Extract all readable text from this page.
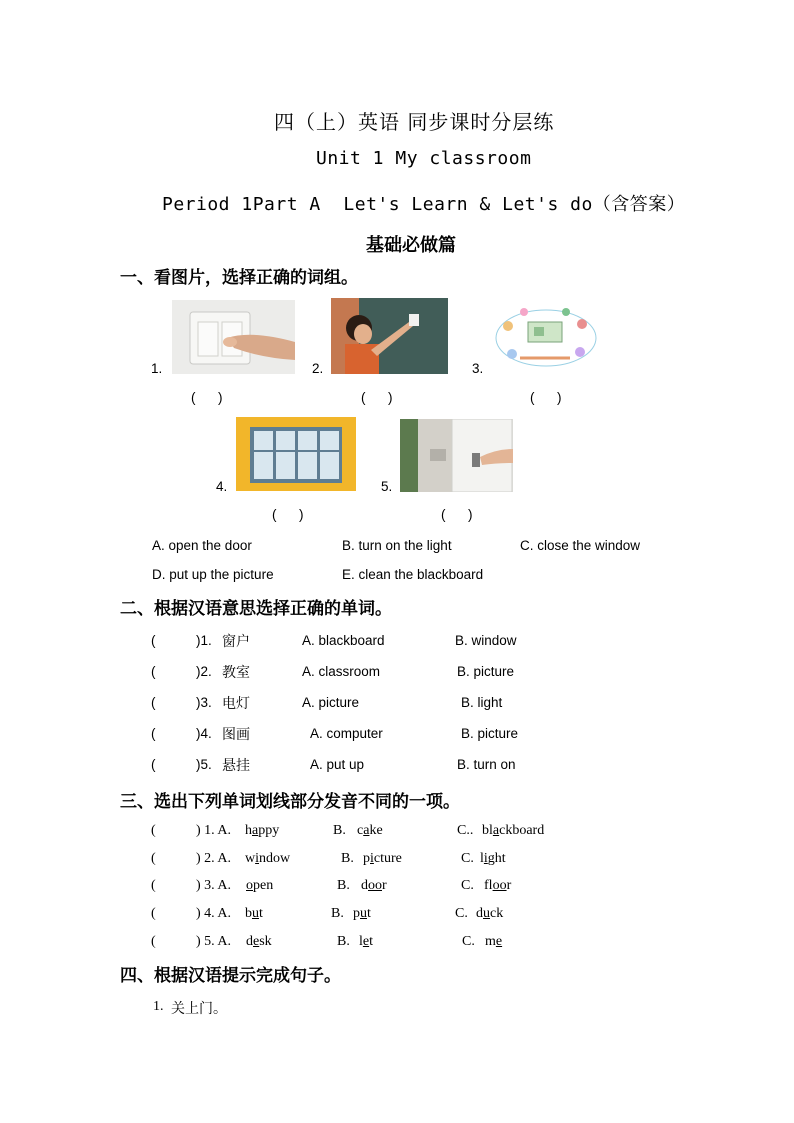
四（上）英语 同步课时分层练
Unit 1 My classroom
Period 1Part A  Let's Learn & Let's do（含答案）
基础必做篇
一、看图片，选择正确的词组。
1.
(      )
2.
(      )
3.
(      )
4.
(      )
5.
(      )
A. open the door	B. turn on the light	C. close the window
D. put up the picture	E. clean the blackboard
二、根据汉语意思选择正确的单词。
(	)1. 窗户	A. blackboard	B. window
(	)2. 教室	A. classroom	B. picture
(	)3. 电灯	A. picture	B. light
(	)4. 图画	A. computer	B. picture
(	)5. 悬挂	A. put up	B. turn on
三、选出下列单词划线部分发音不同的一项。
(	) 1. A. happy	B. cake	C.. blackboard
(	) 2. A. window	B. picture	C. light
(	) 3. A. open	B. door	C. floor
(	) 4. A. but	B. put	C. duck
(	) 5. A. desk	B. let	C. me
四、根据汉语提示完成句子。
1. 关上门。
